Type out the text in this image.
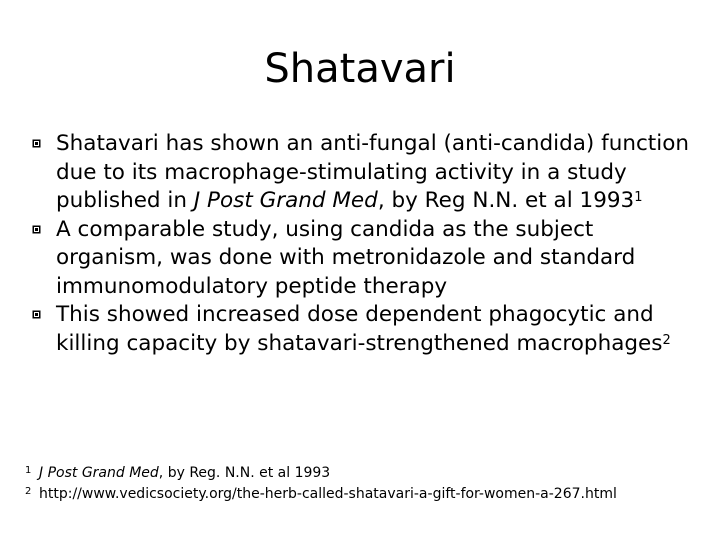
Shatavari
Shatavari has shown an anti-fungal (anti-candida) function due to its macrophage-stimulating activity in a study published in J Post Grand Med, by Reg N.N. et al 1993$^1$
A comparable study, using candida as the subject organism, was done with metronidazole and standard immunomodulatory peptide therapy
This showed increased dose dependent phagocytic and killing capacity by shatavari-strengthened macrophages$^2$

1 J Post Grand Med, by Reg. N.N. et al 1993

2 http://www.vedicsociety.org/the-herb-called-shatavari-a-gift-for-women-a-267.html
